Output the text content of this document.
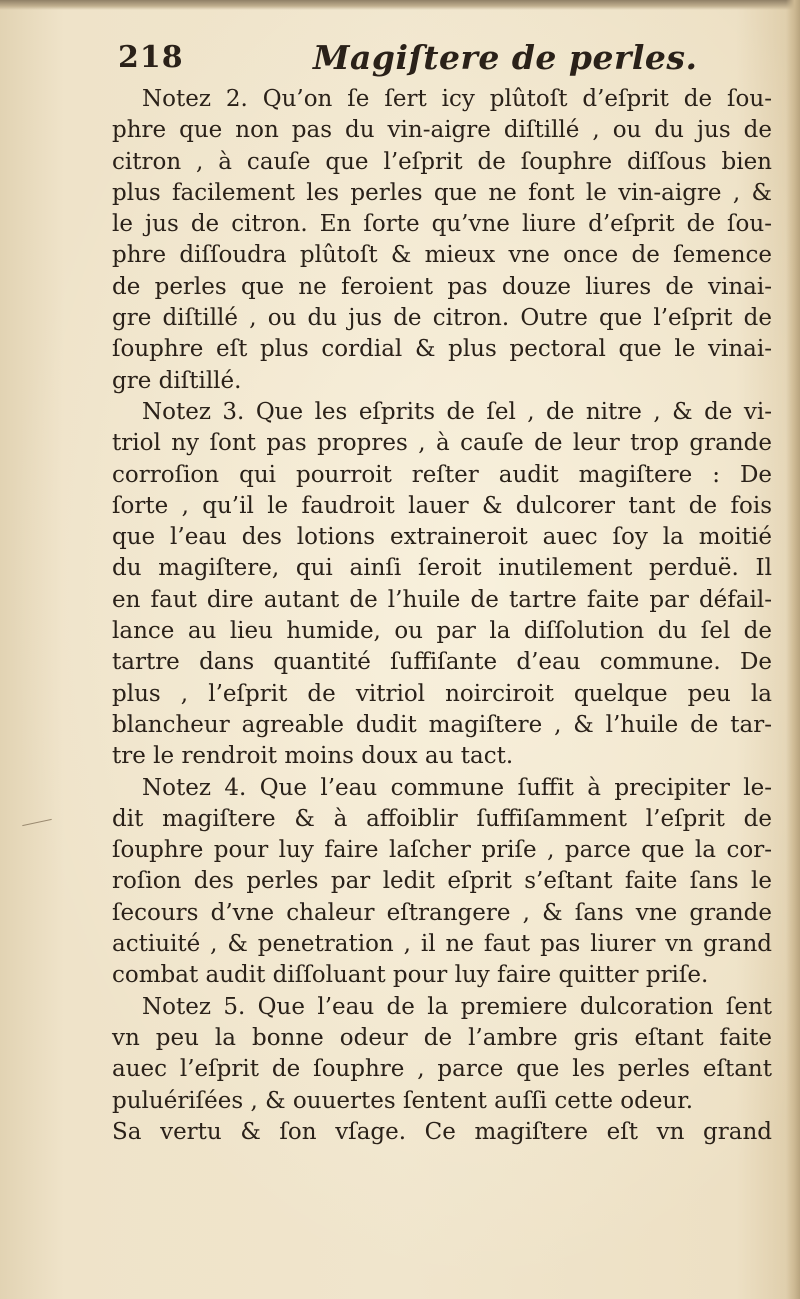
218	Magiſtere de perles.
Notez 2. Qu’on ſe ſert icy plûtoſt d’eſprit de ſou-
phre que non pas du vin-aigre diſtillé , ou du jus de
citron , à cauſe que l’eſprit de ſouphre diſſous bien
plus facilement les perles que ne font le vin-aigre , &
le jus de citron. En ſorte qu’vne liure d’eſprit de ſou-
phre diſſoudra plûtoſt & mieux vne once de ſemence
de perles que ne feroient pas douze liures de vinai-
gre diſtillé , ou du jus de citron. Outre que l’eſprit de
ſouphre eſt plus cordial & plus pectoral que le vinai-
gre diſtillé.
Notez 3. Que les eſprits de ſel , de nitre , & de vi-
triol ny ſont pas propres , à cauſe de leur trop grande
corroſion qui pourroit reſter audit magiſtere : De
ſorte , qu’il le faudroit lauer & dulcorer tant de fois
que l’eau des lotions extraineroit auec ſoy la moitié
du magiſtere, qui ainſi ſeroit inutilement perduë. Il
en faut dire autant de l’huile de tartre faite par défail-
lance au lieu humide, ou par la diſſolution du ſel de
tartre dans quantité ſuffiſante d’eau commune. De
plus , l’eſprit de vitriol noirciroit quelque peu la
blancheur agreable dudit magiſtere , & l’huile de tar-
tre le rendroit moins doux au tact.
Notez 4. Que l’eau commune ſuffit à precipiter le-
dit magiſtere & à affoiblir ſuffiſamment l’eſprit de
ſouphre pour luy faire laſcher priſe , parce que la cor-
roſion des perles par ledit eſprit s’eſtant faite ſans le
ſecours d’vne chaleur eſtrangere , & ſans vne grande
actiuité , & penetration , il ne faut pas liurer vn grand
combat audit diſſoluant pour luy faire quitter priſe.
Notez 5. Que l’eau de la premiere dulcoration ſent
vn peu la bonne odeur de l’ambre gris eſtant faite
auec l’eſprit de ſouphre , parce que les perles eſtant
puluériſées , & ouuertes ſentent auſſi cette odeur.
Sa vertu & ſon vſage. Ce magiſtere eſt vn grand
